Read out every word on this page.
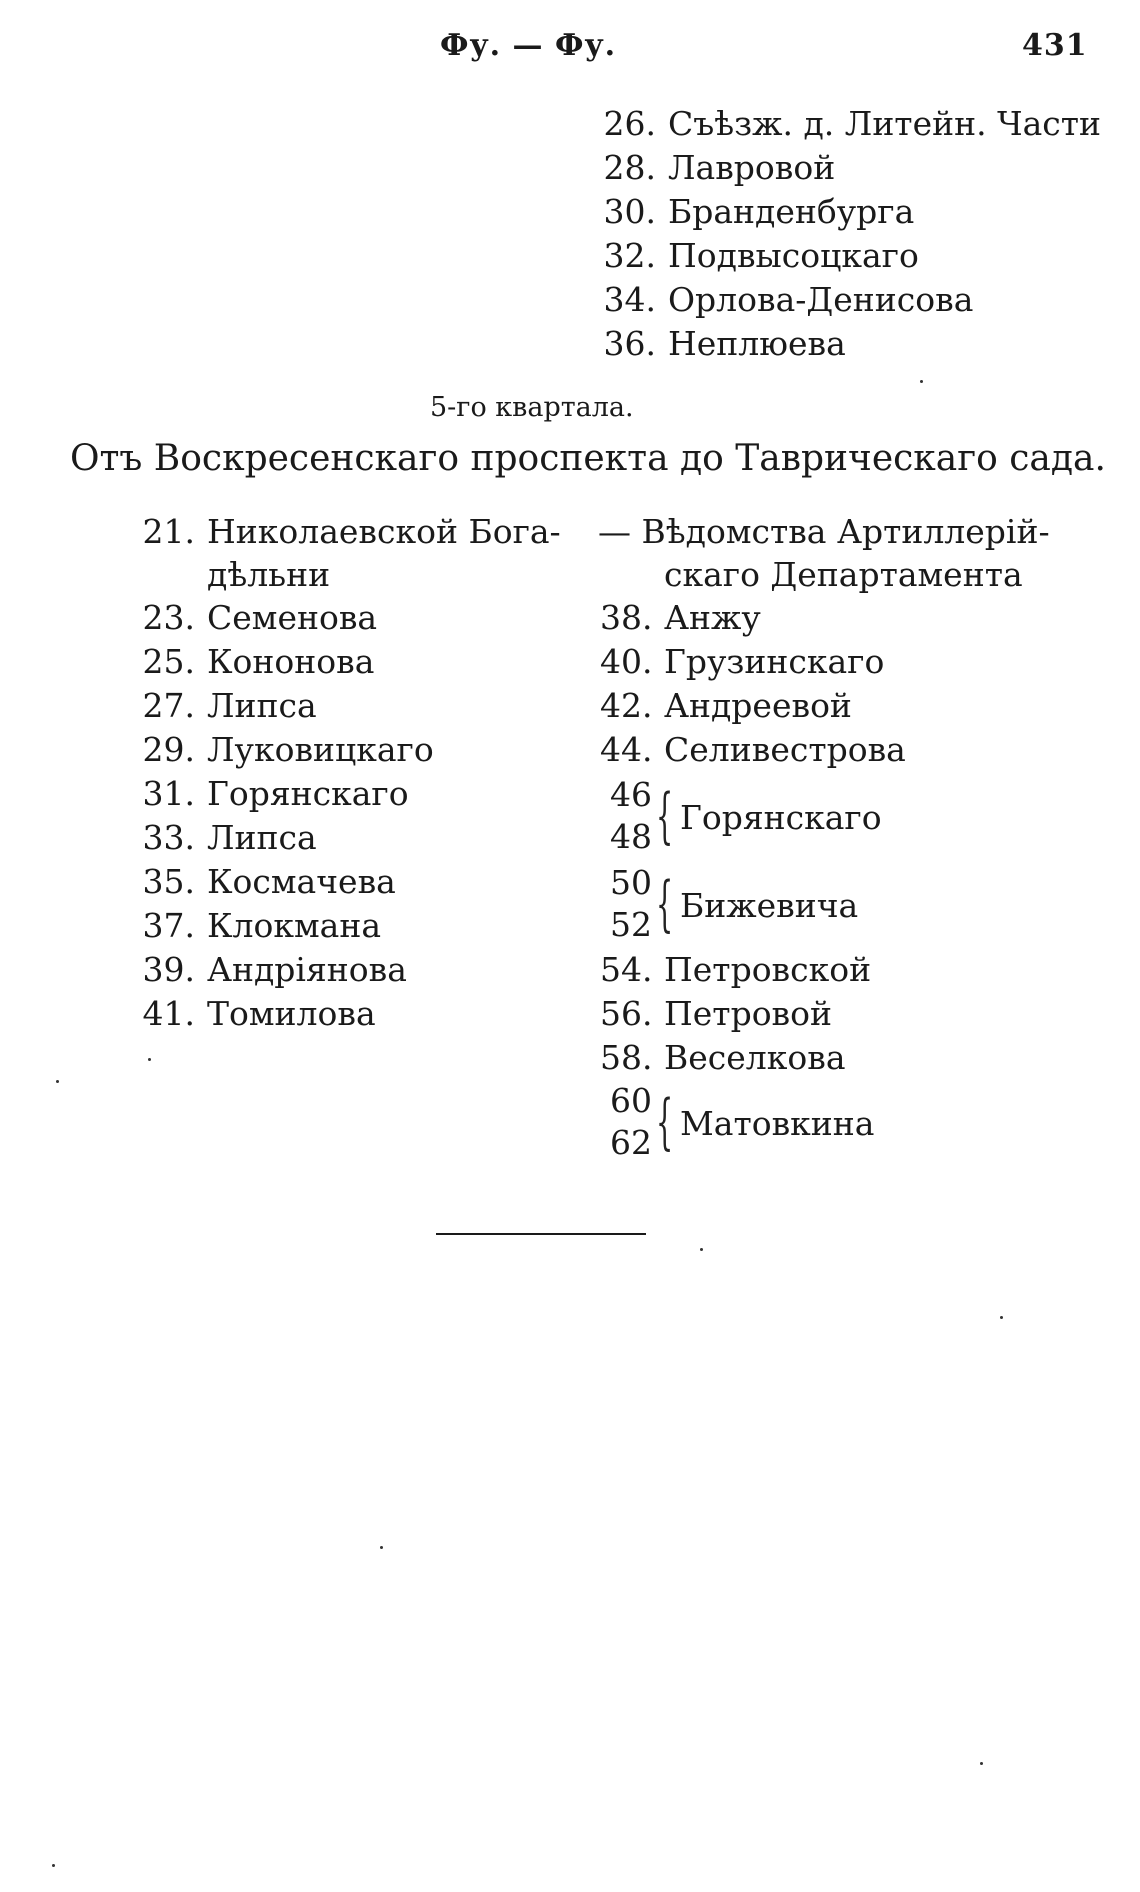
Фу. — Фу.	431
26. Съѣзж. д. Литейн. Части
28. Лавровой
30. Бранденбурга
32. Подвысоцкаго
34. Орлова-Денисова
36. Неплюева
5-го квартала.
Отъ Воскресенскаго проспекта до Таврическаго сада.
21. Николаевской Бога-
дѣльни
23. Семенова
25. Кононова
27. Липса
29. Луковицкаго
31. Горянскаго
33. Липса
35. Космачева
37. Клокмана
39. Андріянова
41. Томилова
— Вѣдомства Артиллерій-
скаго Департамента
38. Анжу
40. Грузинскаго
42. Андреевой
44. Селивестрова
46
48 { Горянскаго
50
52 { Бижевича
54. Петровской
56. Петровой
58. Веселкова
60
62 { Матовкина
